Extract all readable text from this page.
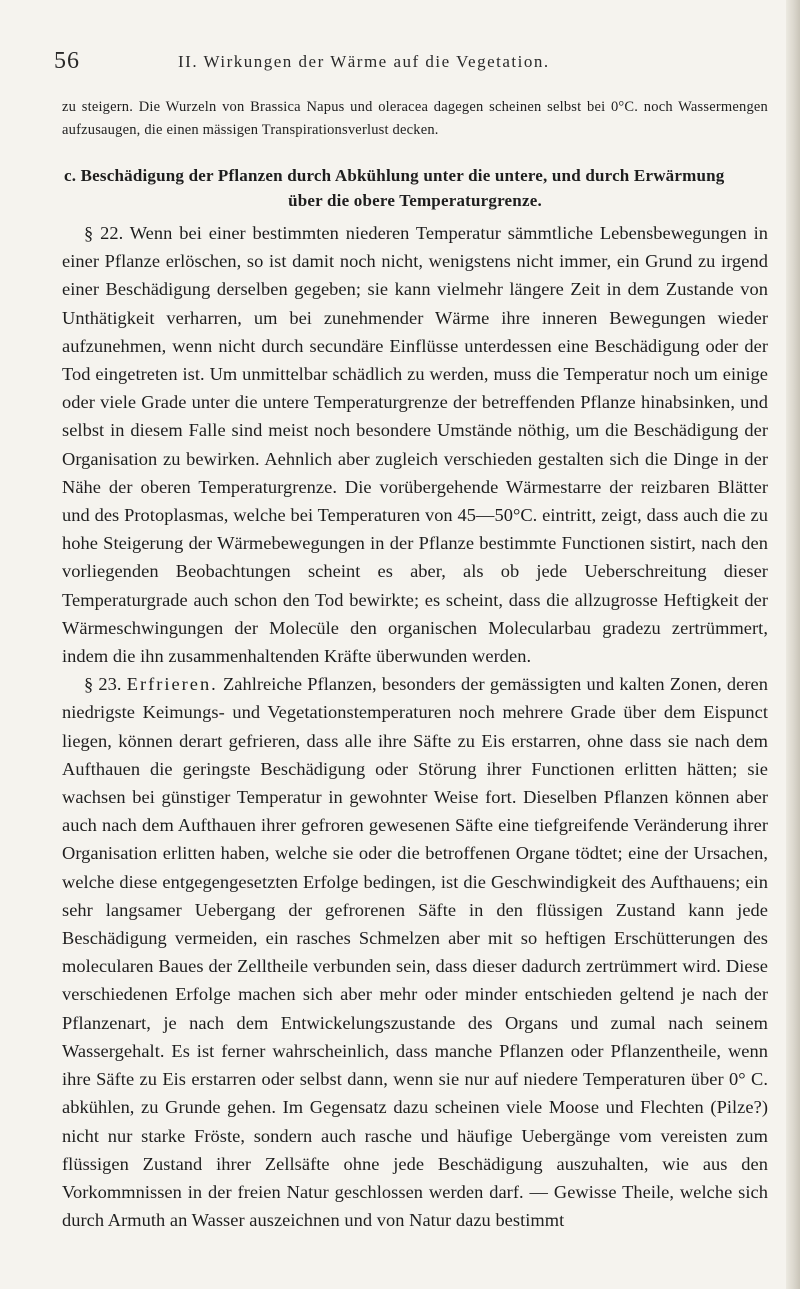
56	II. Wirkungen der Wärme auf die Vegetation.

zu steigern. Die Wurzeln von Brassica Napus und oleracea dagegen scheinen selbst bei 0°C. noch Wassermengen aufzusaugen, die einen mässigen Transpirationsverlust decken.

c. Beschädigung der Pflanzen durch Abkühlung unter die untere, und durch Erwärmung
über die obere Temperaturgrenze.

§ 22. Wenn bei einer bestimmten niederen Temperatur sämmtliche Lebensbewegungen in einer Pflanze erlöschen, so ist damit noch nicht, wenigstens nicht immer, ein Grund zu irgend einer Beschädigung derselben gegeben; sie kann vielmehr längere Zeit in dem Zustande von Unthätigkeit verharren, um bei zunehmender Wärme ihre inneren Bewegungen wieder aufzunehmen, wenn nicht durch secundäre Einflüsse unterdessen eine Beschädigung oder der Tod eingetreten ist. Um unmittelbar schädlich zu werden, muss die Temperatur noch um einige oder viele Grade unter die untere Temperaturgrenze der betreffenden Pflanze hinabsinken, und selbst in diesem Falle sind meist noch besondere Umstände nöthig, um die Beschädigung der Organisation zu bewirken. Aehnlich aber zugleich verschieden gestalten sich die Dinge in der Nähe der oberen Temperaturgrenze. Die vorübergehende Wärmestarre der reizbaren Blätter und des Protoplasmas, welche bei Temperaturen von 45—50°C. eintritt, zeigt, dass auch die zu hohe Steigerung der Wärmebewegungen in der Pflanze bestimmte Functionen sistirt, nach den vorliegenden Beobachtungen scheint es aber, als ob jede Ueberschreitung dieser Temperaturgrade auch schon den Tod bewirkte; es scheint, dass die allzugrosse Heftigkeit der Wärmeschwingungen der Molecüle den organischen Molecularbau gradezu zertrümmert, indem die ihn zusammenhaltenden Kräfte überwunden werden.

§ 23. Erfrieren. Zahlreiche Pflanzen, besonders der gemässigten und kalten Zonen, deren niedrigste Keimungs- und Vegetationstemperaturen noch mehrere Grade über dem Eispunct liegen, können derart gefrieren, dass alle ihre Säfte zu Eis erstarren, ohne dass sie nach dem Aufthauen die geringste Beschädigung oder Störung ihrer Functionen erlitten hätten; sie wachsen bei günstiger Temperatur in gewohnter Weise fort. Dieselben Pflanzen können aber auch nach dem Aufthauen ihrer gefroren gewesenen Säfte eine tiefgreifende Veränderung ihrer Organisation erlitten haben, welche sie oder die betroffenen Organe tödtet; eine der Ursachen, welche diese entgegengesetzten Erfolge bedingen, ist die Geschwindigkeit des Aufthauens; ein sehr langsamer Uebergang der gefrorenen Säfte in den flüssigen Zustand kann jede Beschädigung vermeiden, ein rasches Schmelzen aber mit so heftigen Erschütterungen des molecularen Baues der Zelltheile verbunden sein, dass dieser dadurch zertrümmert wird. Diese verschiedenen Erfolge machen sich aber mehr oder minder entschieden geltend je nach der Pflanzenart, je nach dem Entwickelungszustande des Organs und zumal nach seinem Wassergehalt. Es ist ferner wahrscheinlich, dass manche Pflanzen oder Pflanzentheile, wenn ihre Säfte zu Eis erstarren oder selbst dann, wenn sie nur auf niedere Temperaturen über 0° C. abkühlen, zu Grunde gehen. Im Gegensatz dazu scheinen viele Moose und Flechten (Pilze?) nicht nur starke Fröste, sondern auch rasche und häufige Uebergänge vom vereisten zum flüssigen Zustand ihrer Zellsäfte ohne jede Beschädigung auszuhalten, wie aus den Vorkommnissen in der freien Natur geschlossen werden darf. — Gewisse Theile, welche sich durch Armuth an Wasser auszeichnen und von Natur dazu bestimmt
